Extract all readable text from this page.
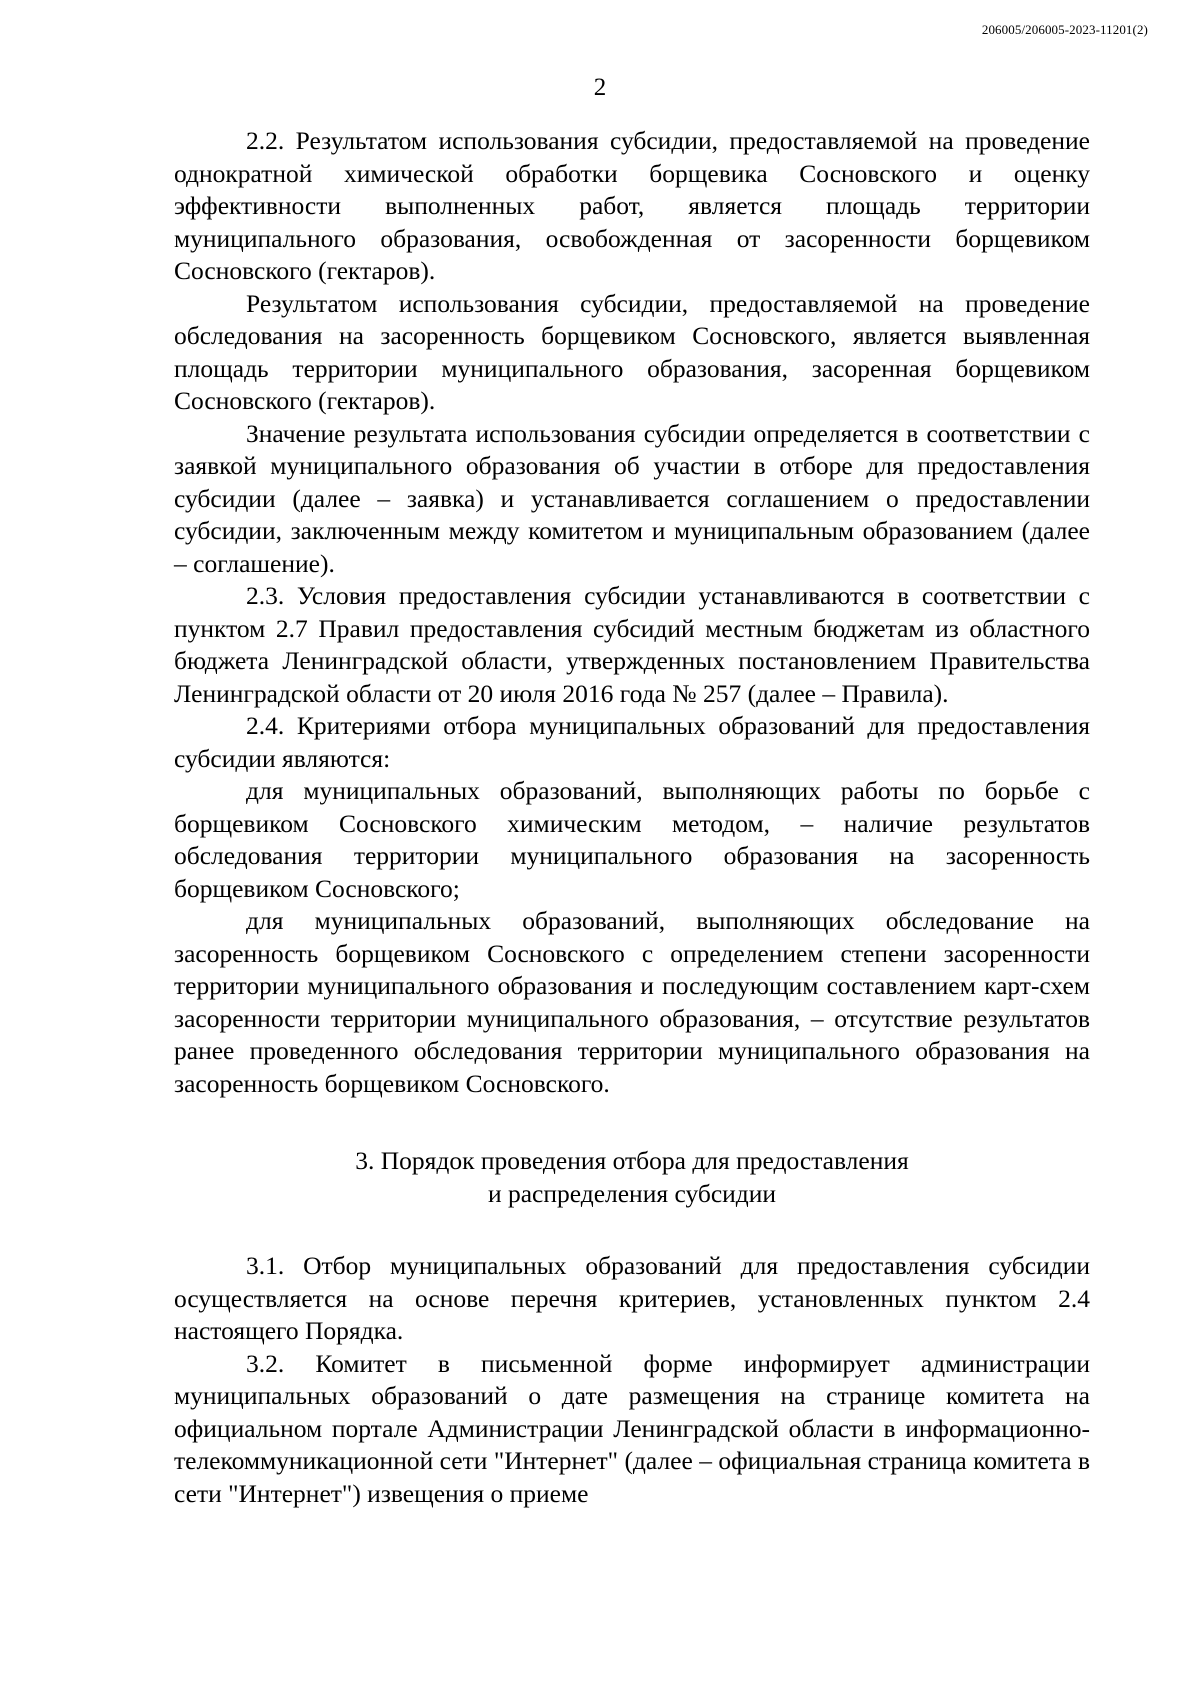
206005/206005-2023-11201(2)
2

2.2. Результатом использования субсидии, предоставляемой на проведение однократной химической обработки борщевика Сосновского и оценку эффективности выполненных работ, является площадь территории муниципального образования, освобожденная от засоренности борщевиком Сосновского (гектаров).

Результатом использования субсидии, предоставляемой на проведение обследования на засоренность борщевиком Сосновского, является выявленная площадь территории муниципального образования, засоренная борщевиком Сосновского (гектаров).

Значение результата использования субсидии определяется в соответствии с заявкой муниципального образования об участии в отборе для предоставления субсидии (далее – заявка) и устанавливается соглашением о предоставлении субсидии, заключенным между комитетом и муниципальным образованием (далее – соглашение).

2.3. Условия предоставления субсидии устанавливаются в соответствии с пунктом 2.7 Правил предоставления субсидий местным бюджетам из областного бюджета Ленинградской области, утвержденных постановлением Правительства Ленинградской области от 20 июля 2016 года № 257 (далее – Правила).

2.4. Критериями отбора муниципальных образований для предоставления субсидии являются:

для муниципальных образований, выполняющих работы по борьбе с борщевиком Сосновского химическим методом, – наличие результатов обследования территории муниципального образования на засоренность борщевиком Сосновского;

для муниципальных образований, выполняющих обследование на засоренность борщевиком Сосновского с определением степени засоренности территории муниципального образования и последующим составлением карт-схем засоренности территории муниципального образования, – отсутствие результатов ранее проведенного обследования территории муниципального образования на засоренность борщевиком Сосновского.

3. Порядок проведения отбора для предоставления
и распределения субсидии

3.1. Отбор муниципальных образований для предоставления субсидии осуществляется на основе перечня критериев, установленных пунктом 2.4 настоящего Порядка.

3.2. Комитет в письменной форме информирует администрации муниципальных образований о дате размещения на странице комитета на официальном портале Администрации Ленинградской области в информационно-телекоммуникационной сети "Интернет" (далее – официальная страница комитета в сети "Интернет") извещения о приеме
